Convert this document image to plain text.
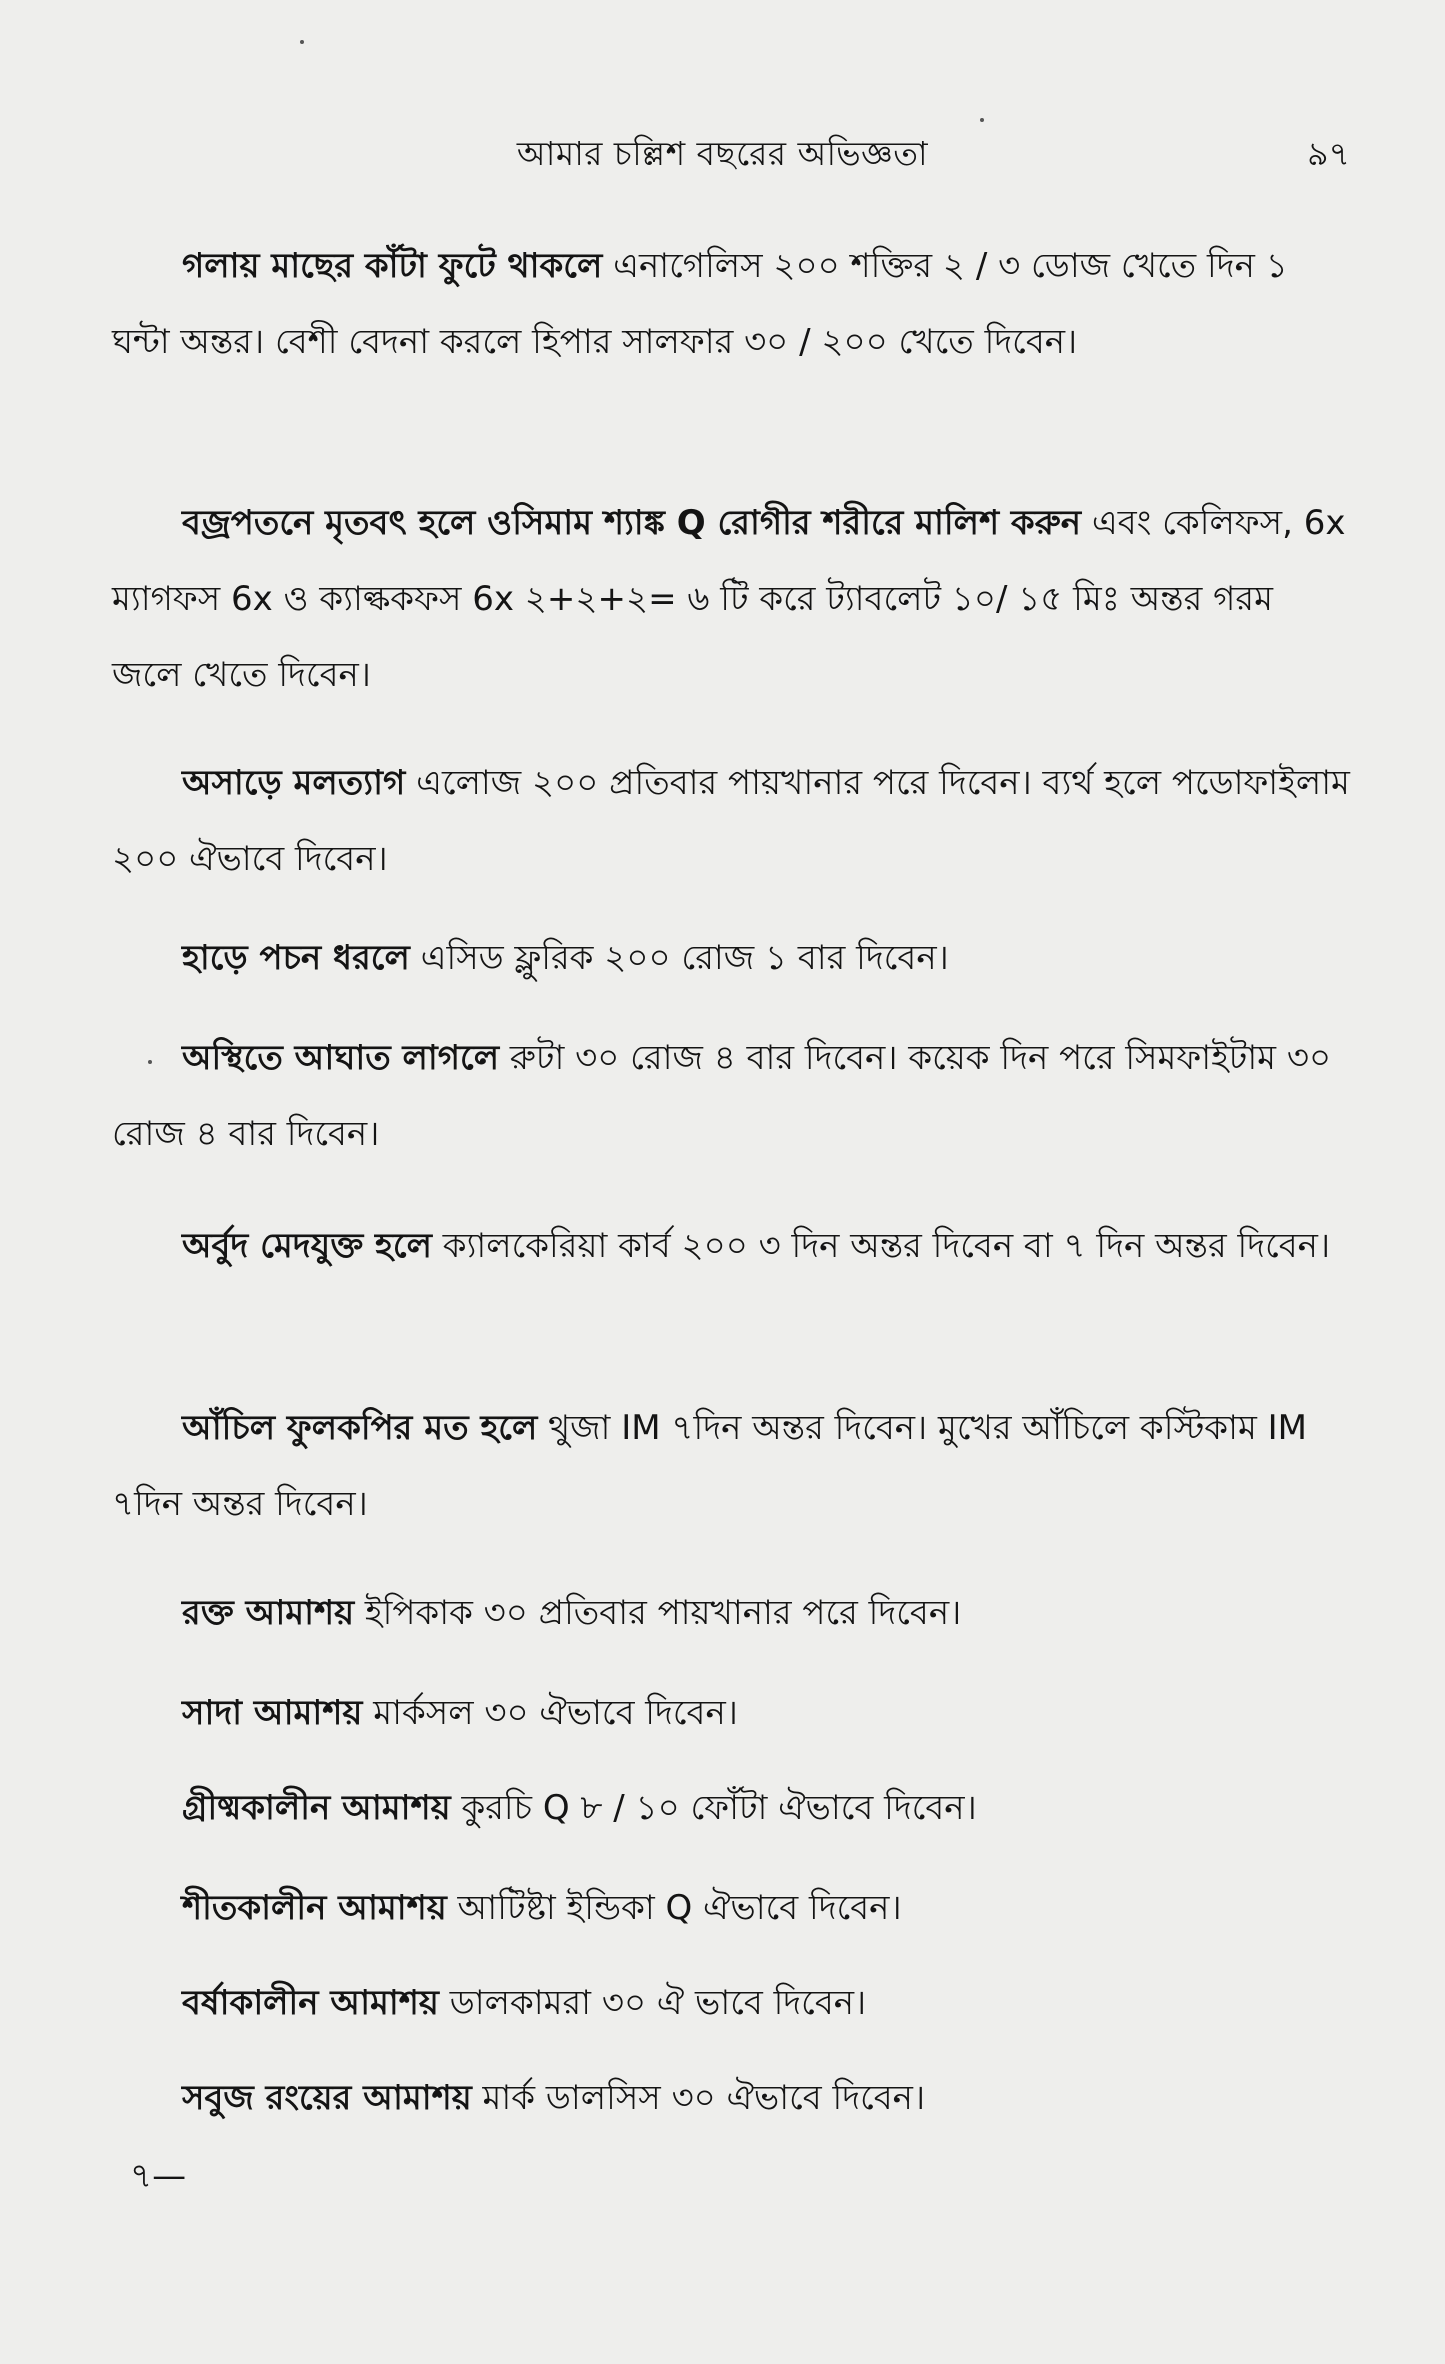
আমার চল্লিশ বছরের অভিজ্ঞতা	৯৭

গলায় মাছের কাঁটা ফুটে থাকলে এনাগেলিস ২০০ শক্তির ২ / ৩ ডোজ খেতে দিন ১ ঘন্টা অন্তর। বেশী বেদনা করলে হিপার সালফার ৩০ / ২০০ খেতে দিবেন।

বজ্রপতনে মৃতবৎ হলে ওসিমাম শ্যাঙ্ক Q রোগীর শরীরে মালিশ করুন এবং কেলিফস, 6x ম্যাগফস 6x ও ক্যাল্ককফস 6x ২+২+২= ৬ টি করে ট্যাবলেট ১০/ ১৫ মিঃ অন্তর গরম জলে খেতে দিবেন।

অসাড়ে মলত্যাগ এলোজ ২০০ প্রতিবার পায়খানার পরে দিবেন। ব্যর্থ হলে পডোফাইলাম ২০০ ঐভাবে দিবেন।

হাড়ে পচন ধরলে এসিড ফ্লুরিক ২০০ রোজ ১ বার দিবেন।

অস্থিতে আঘাত লাগলে রুটা ৩০ রোজ ৪ বার দিবেন। কয়েক দিন পরে সিমফাইটাম ৩০ রোজ ৪ বার দিবেন।

অর্বুদ মেদযুক্ত হলে ক্যালকেরিয়া কার্ব ২০০ ৩ দিন অন্তর দিবেন বা ৭ দিন অন্তর দিবেন।

আঁচিল ফুলকপির মত হলে থুজা IM ৭দিন অন্তর দিবেন। মুখের আঁচিলে কস্টিকাম IM ৭দিন অন্তর দিবেন।

রক্ত আমাশয় ইপিকাক ৩০ প্রতিবার পায়খানার পরে দিবেন।

সাদা আমাশয় মার্কসল ৩০ ঐভাবে দিবেন।

গ্রীষ্মকালীন আমাশয় কুরচি Q ৮ / ১০ ফোঁটা ঐভাবে দিবেন।

শীতকালীন আমাশয় আটিষ্টা ইন্ডিকা Q ঐভাবে দিবেন।

বর্ষাকালীন আমাশয় ডালকামরা ৩০ ঐ ভাবে দিবেন।

সবুজ রংয়ের আমাশয় মার্ক ডালসিস ৩০ ঐভাবে দিবেন।

৭—
